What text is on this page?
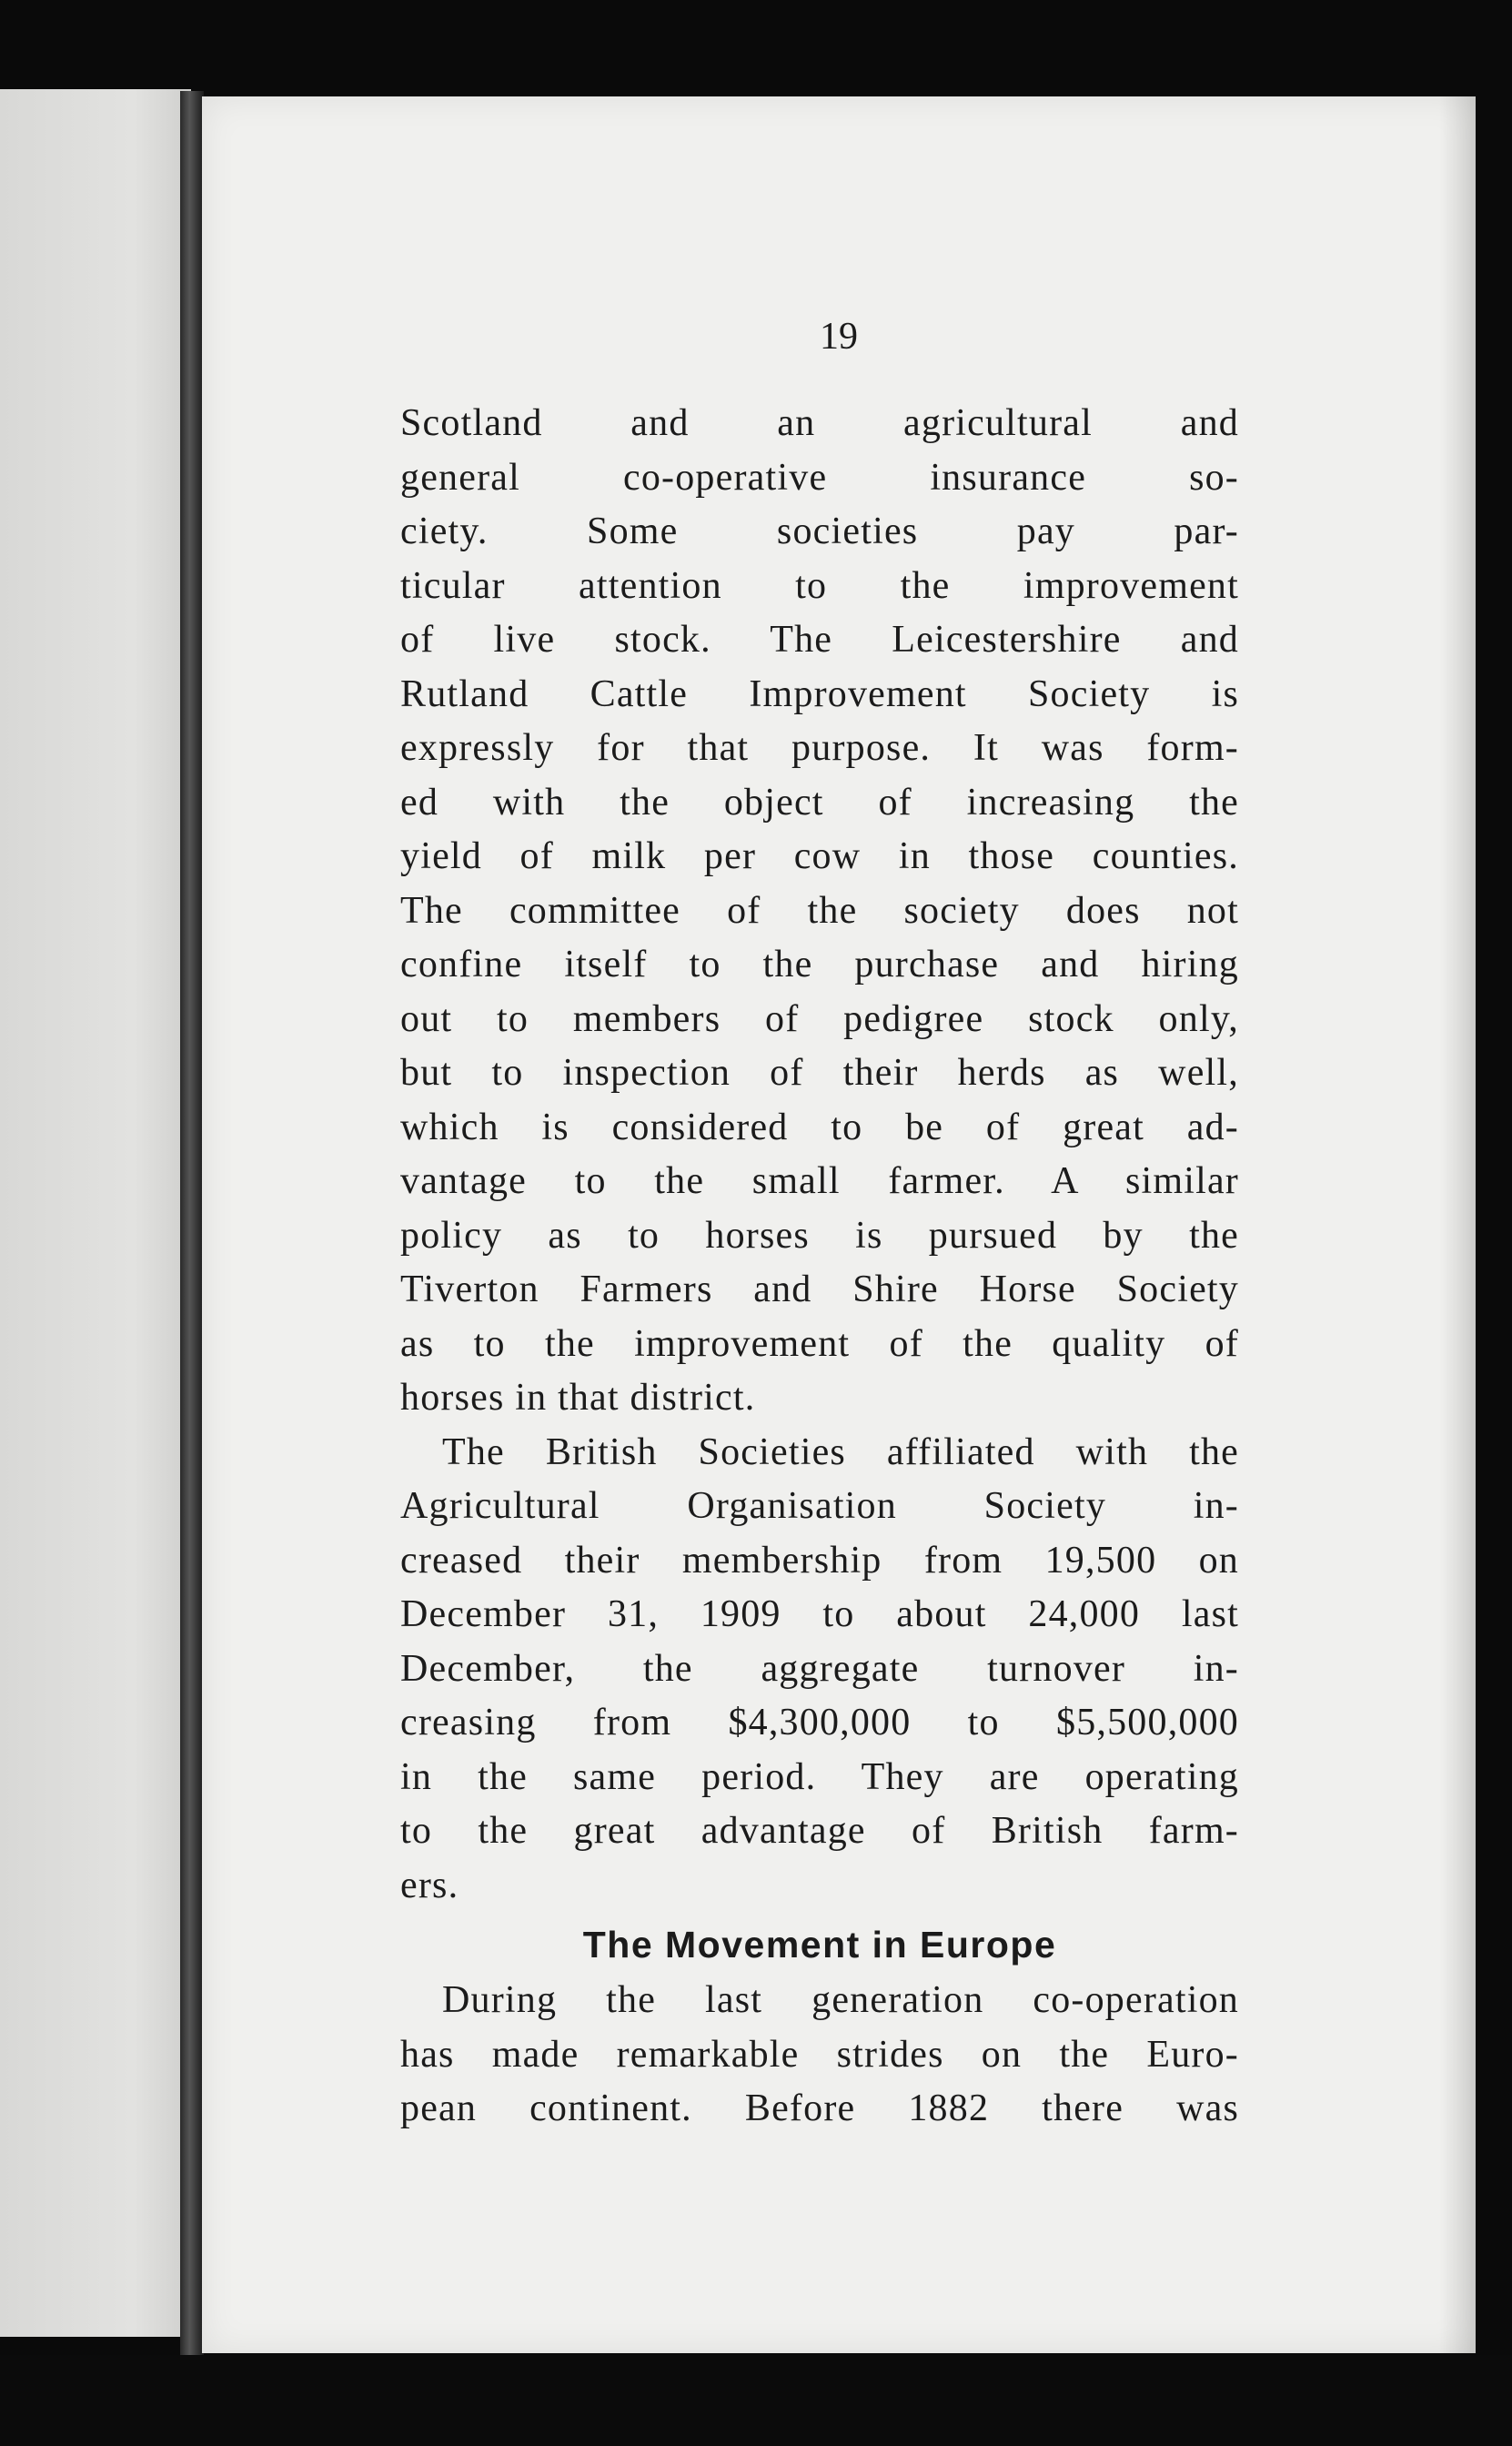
19
Scotland and an agricultural and
general co-operative insurance so-
ciety. Some societies pay par-
ticular attention to the improvement
of live stock. The Leicestershire and
Rutland Cattle Improvement Society is
expressly for that purpose. It was form-
ed with the object of increasing the
yield of milk per cow in those counties.
The committee of the society does not
confine itself to the purchase and hiring
out to members of pedigree stock only,
but to inspection of their herds as well,
which is considered to be of great ad-
vantage to the small farmer. A similar
policy as to horses is pursued by the
Tiverton Farmers and Shire Horse Society
as to the improvement of the quality of
horses in that district.
The British Societies affiliated with the
Agricultural Organisation Society in-
creased their membership from 19,500 on
December 31, 1909 to about 24,000 last
December, the aggregate turnover in-
creasing from $4,300,000 to $5,500,000
in the same period. They are operating
to the great advantage of British farm-
ers.
The Movement in Europe
During the last generation co-operation
has made remarkable strides on the Euro-
pean continent. Before 1882 there was
